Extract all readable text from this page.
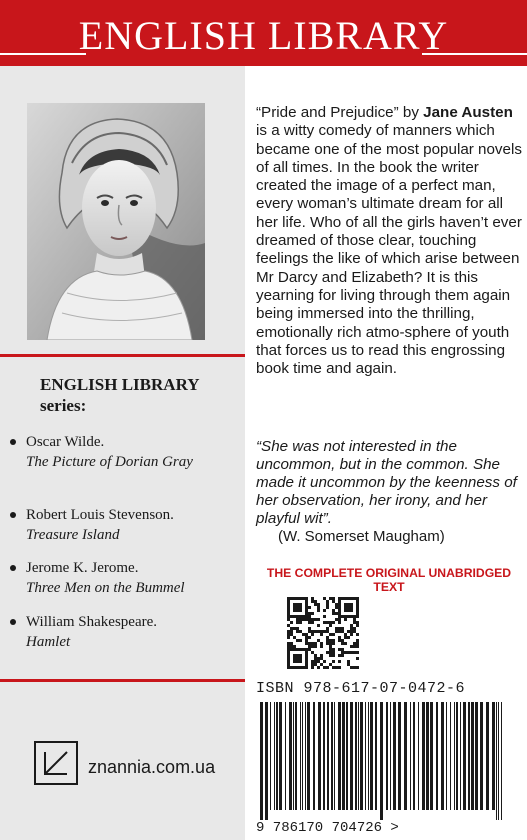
ENGLISH LIBRARY
ENGLISH LIBRARY
series:
Oscar Wilde.
The Picture of Dorian Gray
Robert Louis Stevenson.
Treasure Island
Jerome K. Jerome.
Three Men on the Bummel
William Shakespeare.
Hamlet
znannia.com.ua
“Pride and Prejudice” by Jane Austen is a witty comedy of manners which became one of the most popular novels of all times. In the book the writer created the image of a perfect man, every woman’s ultimate dream for all her life. Who of all the girls haven’t ever dreamed of those clear, touching feelings the like of which arise between Mr Darcy and Elizabeth? It is this yearning for living through them again being immersed into the thrilling, emotionally rich atmo-sphere of youth that forces us to read this engrossing book time and again.
“She was not interested in the uncommon, but in the common. She made it uncommon by the keenness of her observation, her irony, and her playful wit”.
(W. Somerset Maugham)
THE COMPLETE ORIGINAL UNABRIDGED TEXT
ISBN 978-617-07-0472-6
9 786170 704726 >
